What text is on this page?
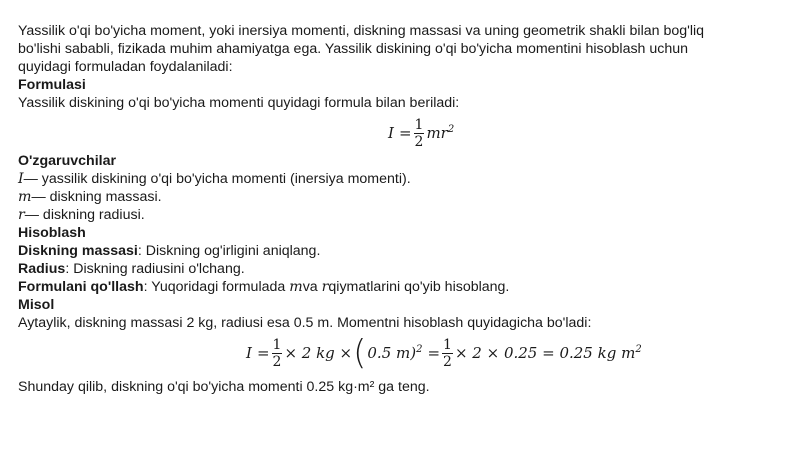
Yassilik o'qi bo'yicha moment, yoki inersiya momenti, diskning massasi va uning geometrik shakli bilan bog'liq

bo'lishi sababli, fizikada muhim ahamiyatga ega. Yassilik diskining o'qi bo'yicha momentini hisoblash uchun

quyidagi formuladan foydalaniladi:

Formulasi

Yassilik diskining o'qi bo'yicha momenti quyidagi formula bilan beriladi:

$I = \frac{1}{2} mr^2$

O'zgaruvchilar

I— yassilik diskining o'qi bo'yicha momenti (inersiya momenti).

m— diskning massasi.

r— diskning radiusi.

Hisoblash

Diskning massasi: Diskning og'irligini aniqlang.

Radius: Diskning radiusini o'lchang.

Formulani qo'llash: Yuqoridagi formulada mva rqiymatlarini qo'yib hisoblang.

Misol

Aytaylik, diskning massasi 2 kg, radiusi esa 0.5 m. Momentni hisoblash quyidagicha bo'ladi:

$I = \frac{1}{2} \times 2$ kg × ( 0.5 $m)^2 = \frac{1}{2} \times 2 \times 0.25 = 0.25$ kg $m^2$

Shunday qilib, diskning o'qi bo'yicha momenti 0.25 kg·m² ga teng.
